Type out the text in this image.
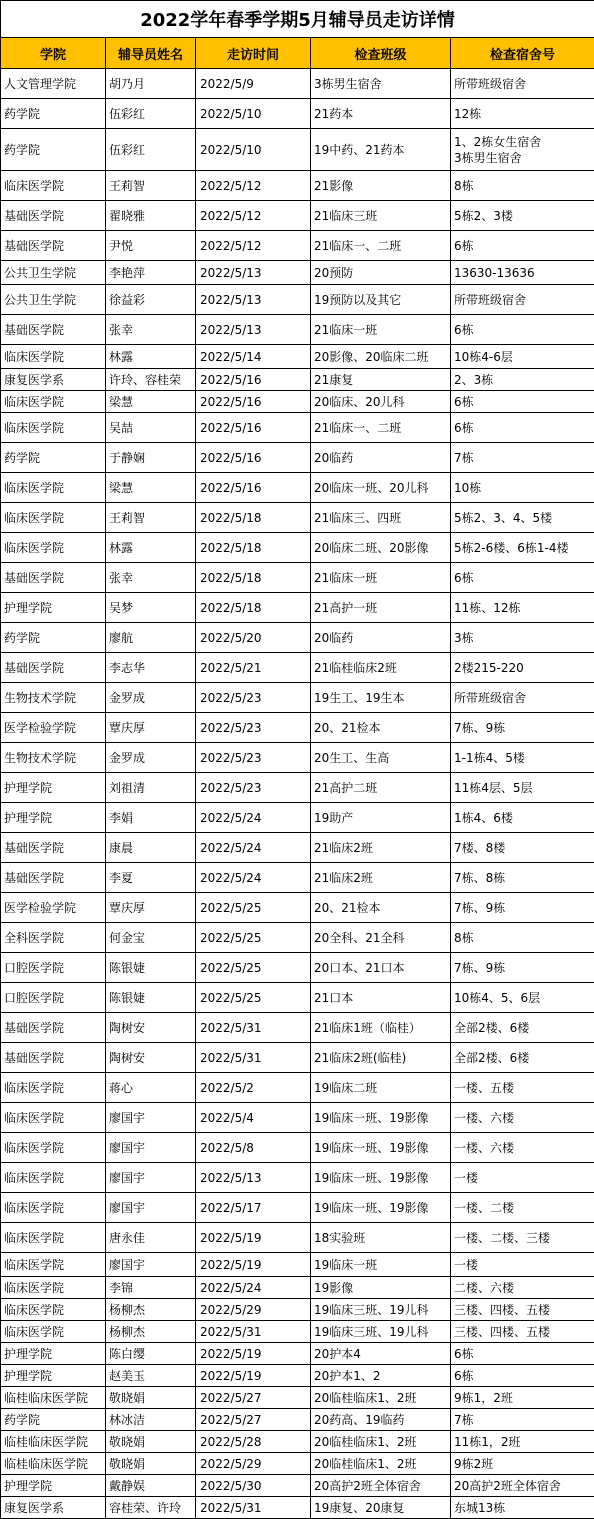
2022学年春季学期5月辅导员走访详情				
学院	辅导员姓名	走访时间	检查班级	检查宿舍号
人文管理学院	胡乃月	2022/5/9	3栋男生宿舍	所带班级宿舍
药学院	伍彩红	2022/5/10	21药本	12栋
药学院	伍彩红	2022/5/10	19中药、21药本	1、2栋女生宿舍
3栋男生宿舍
临床医学院	王莉智	2022/5/12	21影像	8栋
基础医学院	翟晓雅	2022/5/12	21临床三班	5栋2、3楼
基础医学院	尹悦	2022/5/12	21临床一、二班	6栋
公共卫生学院	李艳萍	2022/5/13	20预防	13630-13636
公共卫生学院	徐益彩	2022/5/13	19预防以及其它	所带班级宿舍
基础医学院	张幸	2022/5/13	21临床一班	6栋
临床医学院	林露	2022/5/14	20影像、20临床二班	10栋4-6层
康复医学系	许玲、容桂荣	2022/5/16	21康复	2、3栋
临床医学院	梁慧	2022/5/16	20临床、20儿科	6栋
临床医学院	吴喆	2022/5/16	21临床一、二班	6栋
药学院	于静娴	2022/5/16	20临药	7栋
临床医学院	梁慧	2022/5/16	20临床一班、20儿科	10栋
临床医学院	王莉智	2022/5/18	21临床三、四班	5栋2、3、4、5楼
临床医学院	林露	2022/5/18	20临床二班、20影像	5栋2-6楼、6栋1-4楼
基础医学院	张幸	2022/5/18	21临床一班	6栋
护理学院	吴梦	2022/5/18	21高护一班	11栋、12栋
药学院	廖航	2022/5/20	20临药	3栋
基础医学院	李志华	2022/5/21	21临桂临床2班	2楼215-220
生物技术学院	金罗成	2022/5/23	19生工、19生本	所带班级宿舍
医学检验学院	覃庆厚	2022/5/23	20、21检本	7栋、9栋
生物技术学院	金罗成	2022/5/23	20生工、生高	1-1栋4、5楼
护理学院	刘祖清	2022/5/23	21高护二班	11栋4层、5层
护理学院	李娟	2022/5/24	19助产	1栋4、6楼
基础医学院	康晨	2022/5/24	21临床2班	7楼、8楼
基础医学院	李夏	2022/5/24	21临床2班	7栋、8栋
医学检验学院	覃庆厚	2022/5/25	20、21检本	7栋、9栋
全科医学院	何金宝	2022/5/25	20全科、21全科	8栋
口腔医学院	陈银婕	2022/5/25	20口本、21口本	7栋、9栋
口腔医学院	陈银婕	2022/5/25	21口本	10栋4、5、6层
基础医学院	陶树安	2022/5/31	21临床1班（临桂）	全部2楼、6楼
基础医学院	陶树安	2022/5/31	21临床2班(临桂)	全部2楼、6楼
临床医学院	蒋心	2022/5/2	19临床二班	一楼、五楼
临床医学院	廖国宇	2022/5/4	19临床一班、19影像	一楼、六楼
临床医学院	廖国宇	2022/5/8	19临床一班、19影像	一楼、六楼
临床医学院	廖国宇	2022/5/13	19临床一班、19影像	一楼
临床医学院	廖国宇	2022/5/17	19临床一班、19影像	一楼、二楼
临床医学院	唐永佳	2022/5/19	18实验班	一楼、二楼、三楼
临床医学院	廖国宇	2022/5/19	19临床一班	一楼
临床医学院	李锦	2022/5/24	19影像	二楼、六楼
临床医学院	杨柳杰	2022/5/29	19临床三班、19儿科	三楼、四楼、五楼
临床医学院	杨柳杰	2022/5/31	19临床三班、19儿科	三楼、四楼、五楼
护理学院	陈白缨	2022/5/19	20护本4	6栋
护理学院	赵美玉	2022/5/19	20护本1、2	6栋
临桂临床医学院	敬晓娟	2022/5/27	20临桂临床1、2班	9栋1，2班
药学院	林冰洁	2022/5/27	20药高、19临药	7栋
临桂临床医学院	敬晓娟	2022/5/28	20临桂临床1、2班	11栋1，2班
临桂临床医学院	敬晓娟	2022/5/29	20临桂临床1、2班	9栋2班
护理学院	戴静娱	2022/5/30	20高护2班全体宿舍	20高护2班全体宿舍
康复医学系	容桂荣、许玲	2022/5/31	19康复、20康复	东城13栋
